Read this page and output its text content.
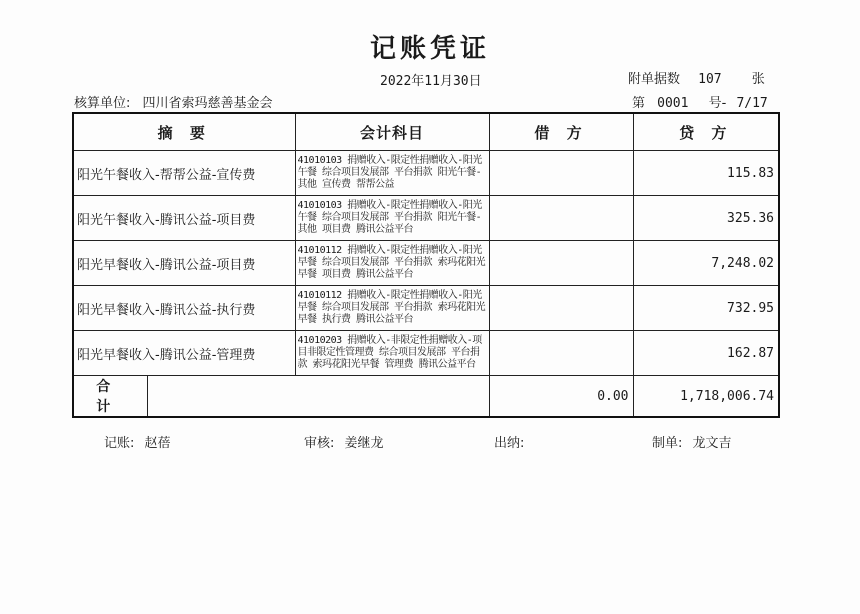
记账凭证
2022年11月30日	附单据数 107 张
核算单位: 四川省索玛慈善基金会	第 0001 号- 7/17
摘 要		会计科目	借 方	贷 方
阳光午餐收入-帮帮公益-宣传费		41010103 捐赠收入-限定性捐赠收入-阳光午餐 综合项目发展部 平台捐款 阳光午餐-其他 宣传费 帮帮公益		115.83
阳光午餐收入-腾讯公益-项目费		41010103 捐赠收入-限定性捐赠收入-阳光午餐 综合项目发展部 平台捐款 阳光午餐-其他 项目费 腾讯公益平台		325.36
阳光早餐收入-腾讯公益-项目费		41010112 捐赠收入-限定性捐赠收入-阳光早餐 综合项目发展部 平台捐款 索玛花阳光早餐 项目费 腾讯公益平台		7,248.02
阳光早餐收入-腾讯公益-执行费		41010112 捐赠收入-限定性捐赠收入-阳光早餐 综合项目发展部 平台捐款 索玛花阳光早餐 执行费 腾讯公益平台		732.95
阳光早餐收入-腾讯公益-管理费		41010203 捐赠收入-非限定性捐赠收入-项目非限定性管理费 综合项目发展部 平台捐款 索玛花阳光早餐 管理费 腾讯公益平台		162.87
合 计			0.00	1,718,006.74
记账: 赵蓓	审核: 姜继龙	出纳:	制单: 龙文吉
